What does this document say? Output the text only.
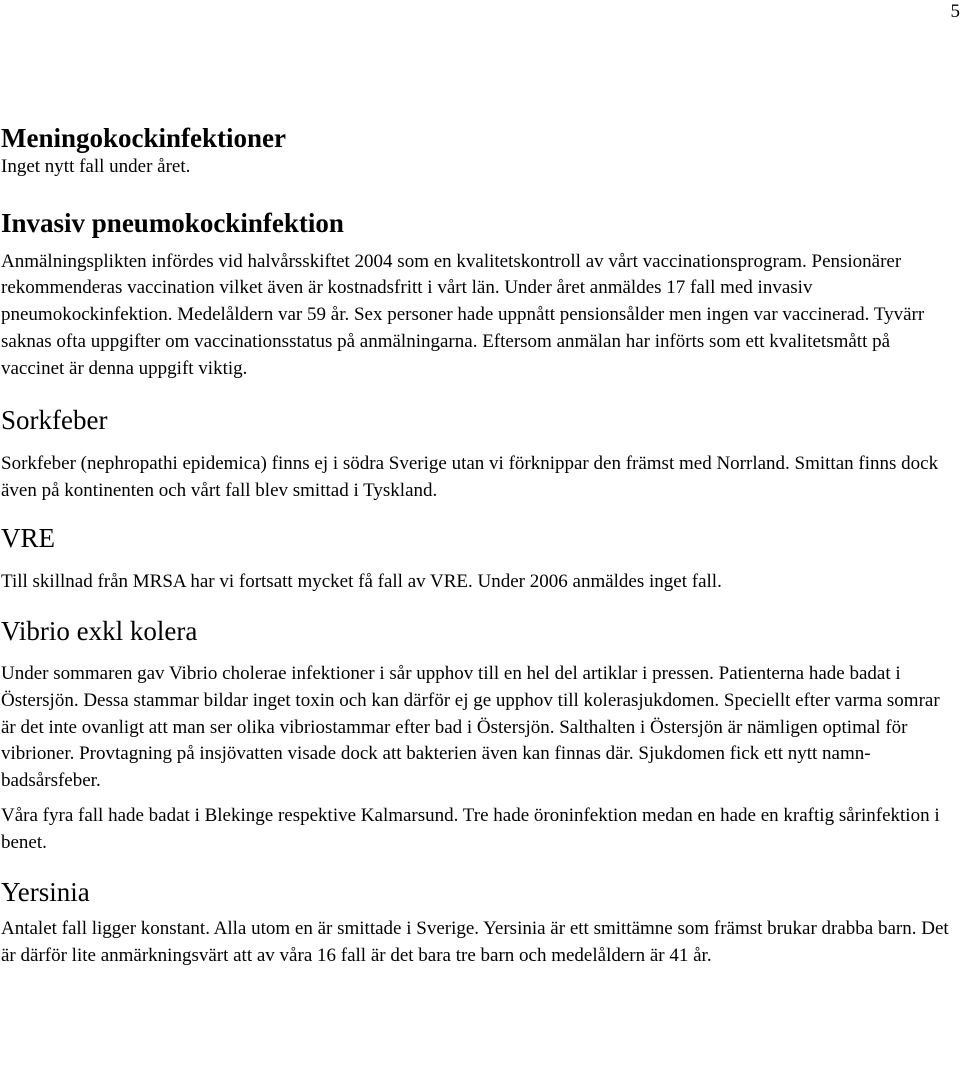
5
Meningokockinfektioner

Inget nytt fall under året.

Invasiv pneumokockinfektion

Anmälningsplikten infördes vid halvårsskiftet 2004 som en kvalitetskontroll av vårt vaccinationsprogram. Pensionärer rekommenderas vaccination vilket även är kostnadsfritt i vårt län. Under året anmäldes 17 fall med invasiv pneumokockinfektion. Medelåldern var 59 år. Sex personer hade uppnått pensionsålder men ingen var vaccinerad. Tyvärr saknas ofta uppgifter om vaccinationsstatus på anmälningarna. Eftersom anmälan har införts som ett kvalitetsmått på vaccinet är denna uppgift viktig.

Sorkfeber

Sorkfeber (nephropathi epidemica) finns ej i södra Sverige utan vi förknippar den främst med Norrland. Smittan finns dock även på kontinenten och vårt fall blev smittad i Tyskland.

VRE

Till skillnad från MRSA har vi fortsatt mycket få fall av VRE. Under 2006 anmäldes inget fall.

Vibrio exkl kolera

Under sommaren gav Vibrio cholerae infektioner i sår upphov till en hel del artiklar i pressen. Patienterna hade badat i Östersjön. Dessa stammar bildar inget toxin och kan därför ej ge upphov till kolerasjukdomen. Speciellt efter varma somrar är det inte ovanligt att man ser olika vibriostammar efter bad i Östersjön. Salthalten i Östersjön är nämligen optimal för vibrioner. Provtagning på insjövatten visade dock att bakterien även kan finnas där. Sjukdomen fick ett nytt namn- badsårsfeber.

Våra fyra fall hade badat i Blekinge respektive Kalmarsund. Tre hade öroninfektion medan en hade en kraftig sårinfektion i benet.

Yersinia

Antalet fall ligger konstant. Alla utom en är smittade i Sverige. Yersinia är ett smittämne som främst brukar drabba barn. Det är därför lite anmärkningsvärt att av våra 16 fall är det bara tre barn och medelåldern är 41 år.
